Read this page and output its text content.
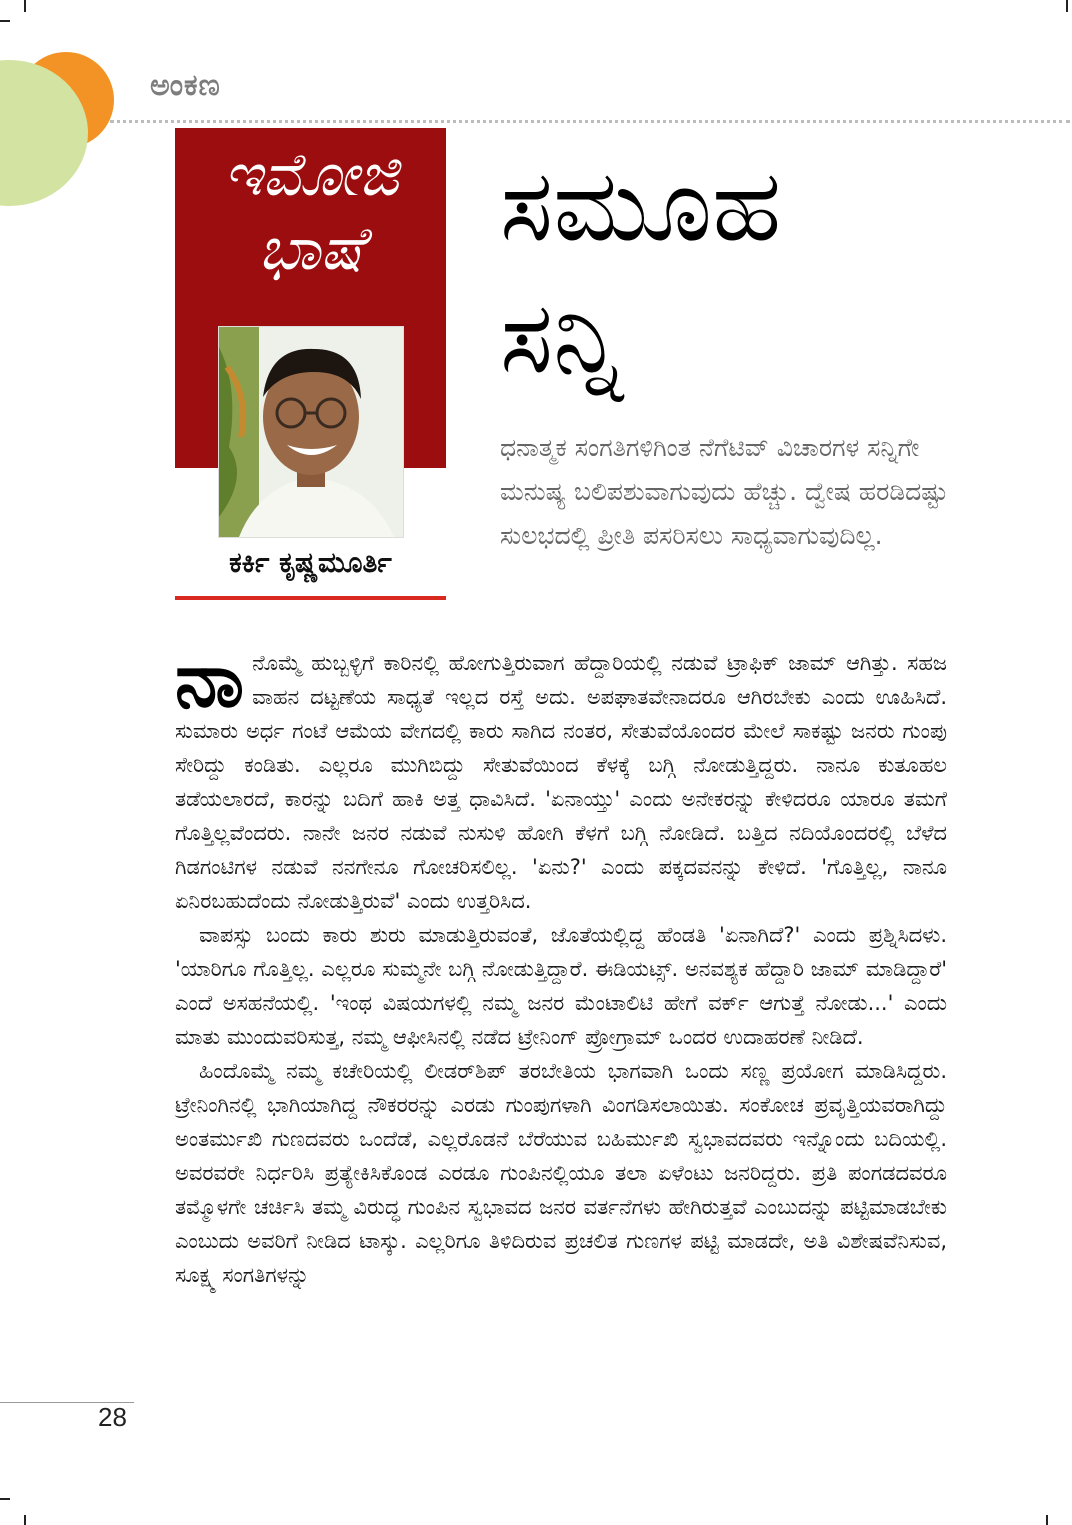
ಅಂಕಣ
ಇಮೋಜಿ
ಭಾಷೆ
ಕರ್ಕಿ ಕೃಷ್ಣಮೂರ್ತಿ
ಸಮೂಹ
ಸನ್ನಿ
ಧನಾತ್ಮಕ ಸಂಗತಿಗಳಿಗಿಂತ ನೆಗೆಟಿವ್ ವಿಚಾರಗಳ ಸನ್ನಿಗೇ ಮನುಷ್ಯ ಬಲಿಪಶುವಾಗುವುದು ಹೆಚ್ಚು. ದ್ವೇಷ ಹರಡಿದಷ್ಟು ಸುಲಭದಲ್ಲಿ ಪ್ರೀತಿ ಪಸರಿಸಲು ಸಾಧ್ಯವಾಗುವುದಿಲ್ಲ.

ನಾನೊಮ್ಮೆ ಹುಬ್ಬಳ್ಳಿಗೆ ಕಾರಿನಲ್ಲಿ ಹೋಗುತ್ತಿರುವಾಗ ಹೆದ್ದಾರಿಯಲ್ಲಿ ನಡುವೆ ಟ್ರಾಫಿಕ್ ಜಾಮ್ ಆಗಿತ್ತು. ಸಹಜ ವಾಹನ ದಟ್ಟಣೆಯ ಸಾಧ್ಯತೆ ಇಲ್ಲದ ರಸ್ತೆ ಅದು. ಅಪಘಾತವೇನಾದರೂ ಆಗಿರಬೇಕು ಎಂದು ಊಹಿಸಿದೆ. ಸುಮಾರು ಅರ್ಧ ಗಂಟೆ ಆಮೆಯ ವೇಗದಲ್ಲಿ ಕಾರು ಸಾಗಿದ ನಂತರ, ಸೇತುವೆಯೊಂದರ ಮೇಲೆ ಸಾಕಷ್ಟು ಜನರು ಗುಂಪು ಸೇರಿದ್ದು ಕಂಡಿತು. ಎಲ್ಲರೂ ಮುಗಿಬಿದ್ದು ಸೇತುವೆಯಿಂದ ಕೆಳಕ್ಕೆ ಬಗ್ಗಿ ನೋಡುತ್ತಿದ್ದರು. ನಾನೂ ಕುತೂಹಲ ತಡೆಯಲಾರದೆ, ಕಾರನ್ನು ಬದಿಗೆ ಹಾಕಿ ಅತ್ತ ಧಾವಿಸಿದೆ. 'ಏನಾಯ್ತು' ಎಂದು ಅನೇಕರನ್ನು ಕೇಳಿದರೂ ಯಾರೂ ತಮಗೆ ಗೊತ್ತಿಲ್ಲವೆಂದರು. ನಾನೇ ಜನರ ನಡುವೆ ನುಸುಳಿ ಹೋಗಿ ಕೆಳಗೆ ಬಗ್ಗಿ ನೋಡಿದೆ. ಬತ್ತಿದ ನದಿಯೊಂದರಲ್ಲಿ ಬೆಳೆದ ಗಿಡಗಂಟಿಗಳ ನಡುವೆ ನನಗೇನೂ ಗೋಚರಿಸಲಿಲ್ಲ. 'ಏನು?' ಎಂದು ಪಕ್ಕದವನನ್ನು ಕೇಳಿದೆ. 'ಗೊತ್ತಿಲ್ಲ, ನಾನೂ ಏನಿರಬಹುದೆಂದು ನೋಡುತ್ತಿರುವೆ' ಎಂದು ಉತ್ತರಿಸಿದ.

ವಾಪಸ್ಸು ಬಂದು ಕಾರು ಶುರು ಮಾಡುತ್ತಿರುವಂತೆ, ಜೊತೆಯಲ್ಲಿದ್ದ ಹೆಂಡತಿ 'ಏನಾಗಿದೆ?' ಎಂದು ಪ್ರಶ್ನಿಸಿದಳು. 'ಯಾರಿಗೂ ಗೊತ್ತಿಲ್ಲ. ಎಲ್ಲರೂ ಸುಮ್ಮನೇ ಬಗ್ಗಿ ನೋಡುತ್ತಿದ್ದಾರೆ. ಈಡಿಯಟ್ಸ್. ಅನವಶ್ಯಕ ಹೆದ್ದಾರಿ ಜಾಮ್ ಮಾಡಿದ್ದಾರೆ' ಎಂದೆ ಅಸಹನೆಯಲ್ಲಿ. 'ಇಂಥ ವಿಷಯಗಳಲ್ಲಿ ನಮ್ಮ ಜನರ ಮೆಂಟಾಲಿಟಿ ಹೇಗೆ ವರ್ಕ್ ಆಗುತ್ತೆ ನೋಡು...' ಎಂದು ಮಾತು ಮುಂದುವರಿಸುತ್ತ, ನಮ್ಮ ಆಫೀಸಿನಲ್ಲಿ ನಡೆದ ಟ್ರೇನಿಂಗ್ ಪ್ರೋಗ್ರಾಮ್ ಒಂದರ ಉದಾಹರಣೆ ನೀಡಿದೆ.

ಹಿಂದೊಮ್ಮೆ ನಮ್ಮ ಕಚೇರಿಯಲ್ಲಿ ಲೀಡರ್‌ಶಿಪ್ ತರಬೇತಿಯ ಭಾಗವಾಗಿ ಒಂದು ಸಣ್ಣ ಪ್ರಯೋಗ ಮಾಡಿಸಿದ್ದರು. ಟ್ರೇನಿಂಗಿನಲ್ಲಿ ಭಾಗಿಯಾಗಿದ್ದ ನೌಕರರನ್ನು ಎರಡು ಗುಂಪುಗಳಾಗಿ ವಿಂಗಡಿಸಲಾಯಿತು. ಸಂಕೋಚ ಪ್ರವೃತ್ತಿಯವರಾಗಿದ್ದು ಅಂತರ್ಮುಖಿ ಗುಣದವರು ಒಂದೆಡೆ, ಎಲ್ಲರೊಡನೆ ಬೆರೆಯುವ ಬಹಿರ್ಮುಖಿ ಸ್ವಭಾವದವರು ಇನ್ನೊಂದು ಬದಿಯಲ್ಲಿ. ಅವರವರೇ ನಿರ್ಧರಿಸಿ ಪ್ರತ್ಯೇಕಿಸಿಕೊಂಡ ಎರಡೂ ಗುಂಪಿನಲ್ಲಿಯೂ ತಲಾ ಏಳೆಂಟು ಜನರಿದ್ದರು. ಪ್ರತಿ ಪಂಗಡದವರೂ ತಮ್ಮೊಳಗೇ ಚರ್ಚಿಸಿ ತಮ್ಮ ವಿರುದ್ಧ ಗುಂಪಿನ ಸ್ವಭಾವದ ಜನರ ವರ್ತನೆಗಳು ಹೇಗಿರುತ್ತವೆ ಎಂಬುದನ್ನು ಪಟ್ಟಿಮಾಡಬೇಕು ಎಂಬುದು ಅವರಿಗೆ ನೀಡಿದ ಟಾಸ್ಕು. ಎಲ್ಲರಿಗೂ ತಿಳಿದಿರುವ ಪ್ರಚಲಿತ ಗುಣಗಳ ಪಟ್ಟಿ ಮಾಡದೇ, ಅತಿ ವಿಶೇಷವೆನಿಸುವ, ಸೂಕ್ಷ್ಮ ಸಂಗತಿಗಳನ್ನು

28
